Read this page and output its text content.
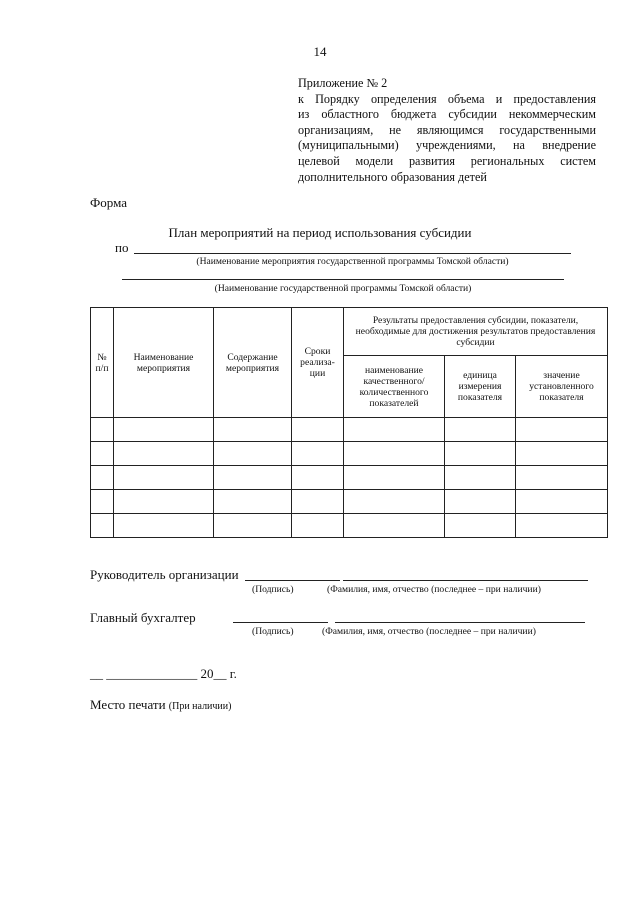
14
Приложение № 2
к Порядку определения объема и предоставления
из областного бюджета субсидии некоммерческим
организациям, не являющимся государственными
(муниципальными) учреждениями, на внедрение
целевой модели развития региональных систем
дополнительного образования детей
Форма
План мероприятий на период использования субсидии
по
(Наименование мероприятия государственной программы Томской области)
(Наименование государственной программы Томской области)
№ п/п	Наименование мероприятия	Содержание мероприятия	Сроки реализа-ции	Результаты предоставления субсидии, показатели, необходимые для достижения результатов предоставления субсидии		
				наименование качественного/ количественного показателей	единица измерения показателя	значение установленного показателя

Руководитель организации
(Подпись)	(Фамилия, имя, отчество (последнее – при наличии)
Главный бухгалтер
(Подпись)	(Фамилия, имя, отчество (последнее – при наличии)
__ ______________ 20__ г.
Место печати (При наличии)
